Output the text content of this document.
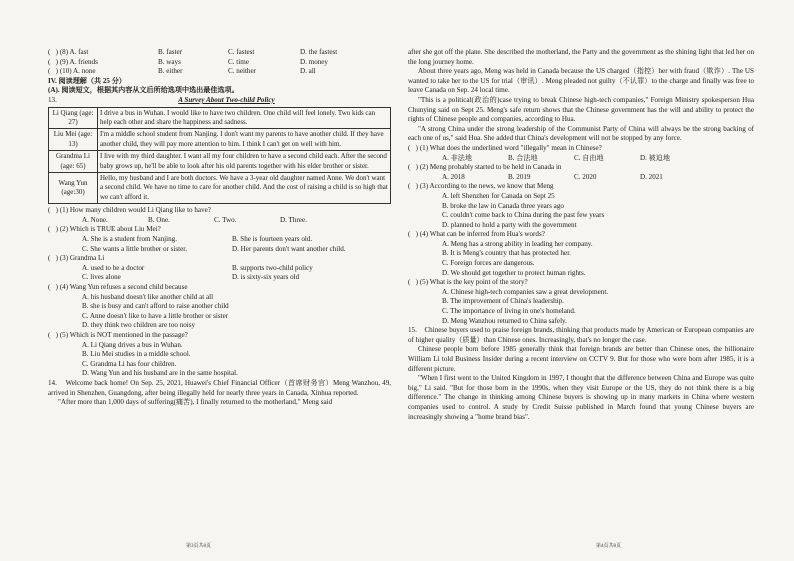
(   ) (8) A. fast	B. faster	C. fastest	D. the fastest
(   ) (9) A. friends	B. ways	C. time	D. money
(   ) (10) A. none	B. either	C. neither	D. all
IV. 阅读理解（共 25 分）
(A). 阅读短文，根据其内容从文后所给选项中选出最佳选项。
13.	A Survey About Two-child Policy
Li Qiang (age: 27)	I drive a bus in Wuhan. I would like to have two children. One child will feel lonely. Two kids can help each other and share the happiness and sadness.
Liu Mei (age: 13)	I'm a middle school student from Nanjing. I don't want my parents to have another child. If they have another child, they will pay more attention to him. I think I can't get on well with him.
Grandma Li (age: 65)	I live with my third daughter. I want all my four children to have a second child each. After the second baby grows up, he'll be able to look after his old parents together with his elder brother or sister.
Wang Yun (age:30)	Hello, my husband and I are both doctors. We have a 3-year old daughter named Anne. We don't want a second child. We have no time to care for another child. And the cost of raising a child is so high that we can't afford it.
(   ) (1) How many children would Li Qiang like to have?
A. None.	B. One.	C. Two.	D. Three.
(   ) (2) Which is TRUE about Liu Mei?
A. She is a student from Nanjing.	B. She is fourteen years old.
C. She wants a little brother or sister.	D. Her parents don't want another child.
(   ) (3) Grandma Li
A. used to be a doctor	B. supports two-child policy
C. lives alone	D. is sixty-six years old
(   ) (4) Wang Yun refuses a second child because
A. his husband doesn't like another child at all
B. she is busy and can't afford to raise another child
C. Anne doesn't like to have a little brother or sister
D. they think two children are too noisy
(   ) (5) Which is NOT mentioned in the passage?
A. Li Qiang drives a bus in Wuhan.
B. Liu Mei studies in a middle school.
C. Grandma Li has four children.
D. Wang Yun and his husband are in the same hospital.
14. Welcome back home! On Sep. 25, 2021, Huawei's Chief Financial Officer（首席财务官）Meng Wanzhou, 49, arrived in Shenzhen, Guangdong, after being illegally held for nearly three years in Canada, Xinhua reported.
"After more than 1,000 days of suffering(痛苦), I finally returned to the motherland," Meng said
after she got off the plane. She described the motherland, the Party and the government as the shining light that led her on the long journey home.
About three years ago, Meng was held in Canada because the US charged（指控）her with fraud（欺诈）. The US wanted to take her to the US for trial（审讯）. Meng pleaded not guilty（不认罪）to the charge and finally was free to leave Canada on Sep. 24 local time.
"This is a political(政治的)case trying to break Chinese high-tech companies," Foreign Ministry spokesperson Hua Chunying said on Sept 25. Meng's safe return shows that the Chinese government has the will and ability to protect the rights of Chinese people and companies, according to Hua.
"A strong China under the strong leadership of the Communist Party of China will always be the strong backing of each one of us," said Hua. She added that China's development will not be stopped by any force.
(   ) (1) What does the underlined word "illegally" mean in Chinese?
A. 非法地	B. 合法地	C. 自由地	D. 被迫地
(   ) (2) Meng probably started to be held in Canada in
A. 2018	B. 2019	C. 2020	D. 2021
(   ) (3) According to the news, we know that Meng
A. left Shenzhen for Canada on Sept 25
B. broke the law in Canada three years ago
C. couldn't come back to China during the past few years
D. planned to hold a party with the government
(   ) (4) What can be inferred from Hua's words?
A. Meng has a strong ability in leading her company.
B. It is Meng's country that has protected her.
C. Foreign forces are dangerous.
D. We should get together to protect human rights.
(   ) (5) What is the key point of the story?
A. Chinese high-tech companies saw a great development.
B. The improvement of China's leadership.
C. The importance of living in one's homeland.
D. Meng Wanzhou returned to China safely.
15. Chinese buyers used to praise foreign brands, thinking that products made by American or European companies are of higher quality（质量）than Chinese ones. Increasingly, that's no longer the case.
Chinese people born before 1985 generally think that foreign brands are better than Chinese ones, the billionaire William Li told Business Insider during a recent interview on CCTV 9. But for those who were born after 1985, it is a different picture.
"When I first went to the United Kingdom in 1997, I thought that the difference between China and Europe was quite big," Li said. "But for those born in the 1990s, when they visit Europe or the US, they do not think there is a big difference." The change in thinking among Chinese buyers is showing up in many markets in China where western companies used to control. A study by Credit Suisse published in March found that young Chinese buyers are increasingly showing a "home brand bias".
第3页共8页	第4页共8页
